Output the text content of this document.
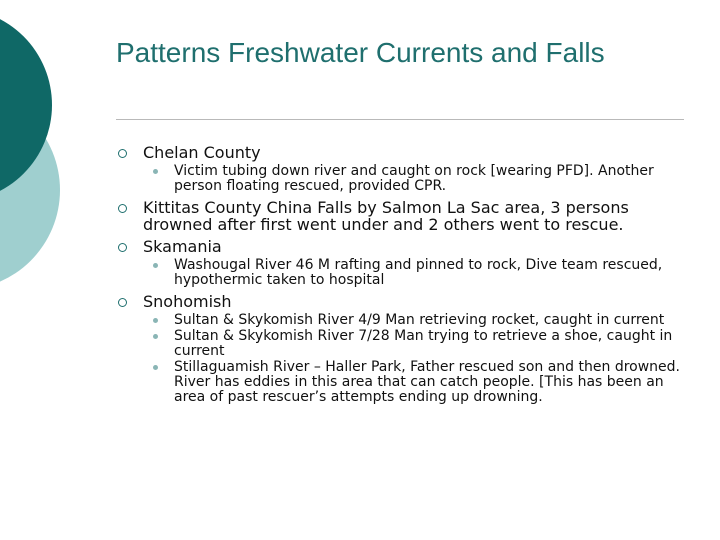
Patterns Freshwater Currents and Falls
Chelan County
Victim tubing down river and caught on rock [wearing PFD]. Another person floating rescued, provided CPR.
Kittitas County China Falls by Salmon La Sac area, 3 persons drowned after first went under and 2 others went to rescue.
Skamania
Washougal River 46 M rafting and pinned to rock, Dive team rescued, hypothermic taken to hospital
Snohomish
Sultan & Skykomish River 4/9 Man retrieving rocket, caught in current
Sultan & Skykomish River 7/28 Man trying to retrieve a shoe, caught in current
Stillaguamish River – Haller Park, Father rescued son and then drowned. River has eddies in this area that can catch people. [This has been an area of past rescuer’s attempts ending up drowning.
